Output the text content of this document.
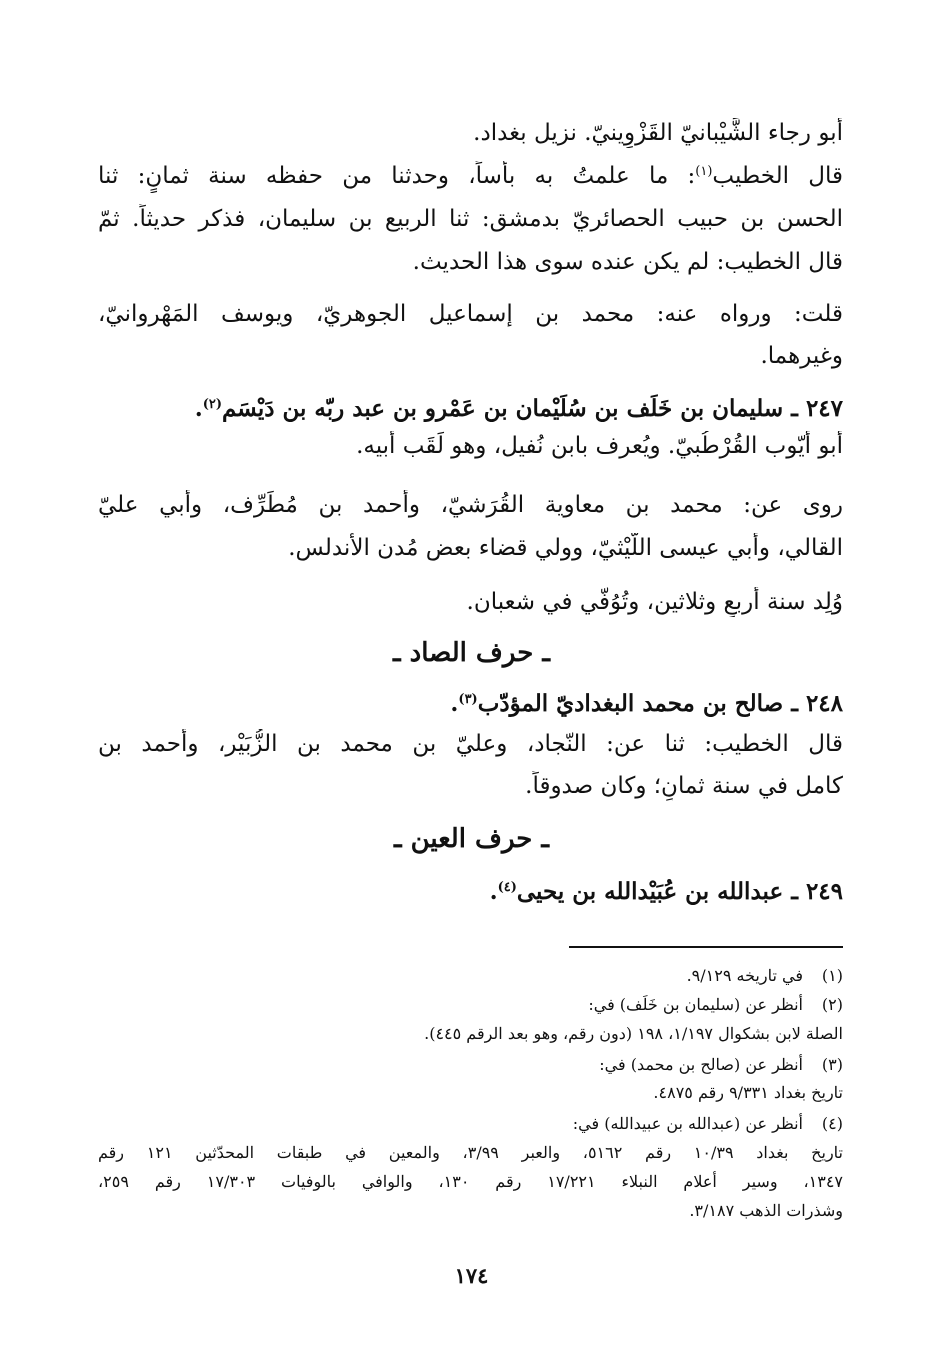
أبو رجاء الشَّيْبانيّ القَزْوِينيّ. نزيل بغداد.
قال الخطيب$^{(١)}$: ما علمتُ به بأساً، وحدثنا من حفظه سنة ثمانٍ: ثنا
الحسن بن حبيب الحصائريّ بدمشق: ثنا الربيع بن سليمان، فذكر حديثاً. ثمّ
قال الخطيب: لم يكن عنده سوى هذا الحديث.
قلت: ورواه عنه: محمد بن إسماعيل الجوهريّ، ويوسف المَهْروانيّ،
وغيرهما.
٢٤٧ ـ سليمان بن خَلَف بن سُلَيْمان بن عَمْرو بن عبد ربّه بن دَيْسَم$^{(٢)}$.
أبو أيّوب القُرْطُبيّ. ويُعرف بابن نُفيل، وهو لَقَب أبيه.
روى عن: محمد بن معاوية القُرَشيّ، وأحمد بن مُطَرِّف، وأبي عليّ
القالي، وأبي عيسى اللَّيْثيّ، وولي قضاء بعض مُدن الأندلس.
وُلِد سنة أربعٍ وثلاثين، وتُوُفّي في شعبان.
ـ حرف الصاد ـ
٢٤٨ ـ صالح بن محمد البغداديّ المؤدّب$^{(٣)}$.
قال الخطيب: ثنا عن: النّجاد، وعليّ بن محمد بن الزُّبَيْر، وأحمد بن
كامل في سنة ثمانٍ؛ وكان صدوقاً.
ـ حرف العين ـ
٢٤٩ ـ عبدالله بن عُبَيْدالله بن يحيى$^{(٤)}$.
(١)في تاريخه ٩/١٢٩.
(٢)أنظر عن (سليمان بن خَلَف) في:
الصلة لابن بشكوال ١/١٩٧، ١٩٨ (دون رقم، وهو بعد الرقم ٤٤٥).
(٣)أنظر عن (صالح بن محمد) في:
تاريخ بغداد ٩/٣٣١ رقم ٤٨٧٥.
(٤)أنظر عن (عبدالله بن عبيدالله) في:
تاريخ بغداد ١٠/٣٩ رقم ٥١٦٢، والعبر ٣/٩٩، والمعين في طبقات المحدّثين ١٢١ رقم
١٣٤٧، وسير أعلام النبلاء ١٧/٢٢١ رقم ١٣٠، والوافي بالوفيات ١٧/٣٠٣ رقم ٢٥٩،
وشذرات الذهب ٣/١٨٧.
١٧٤
